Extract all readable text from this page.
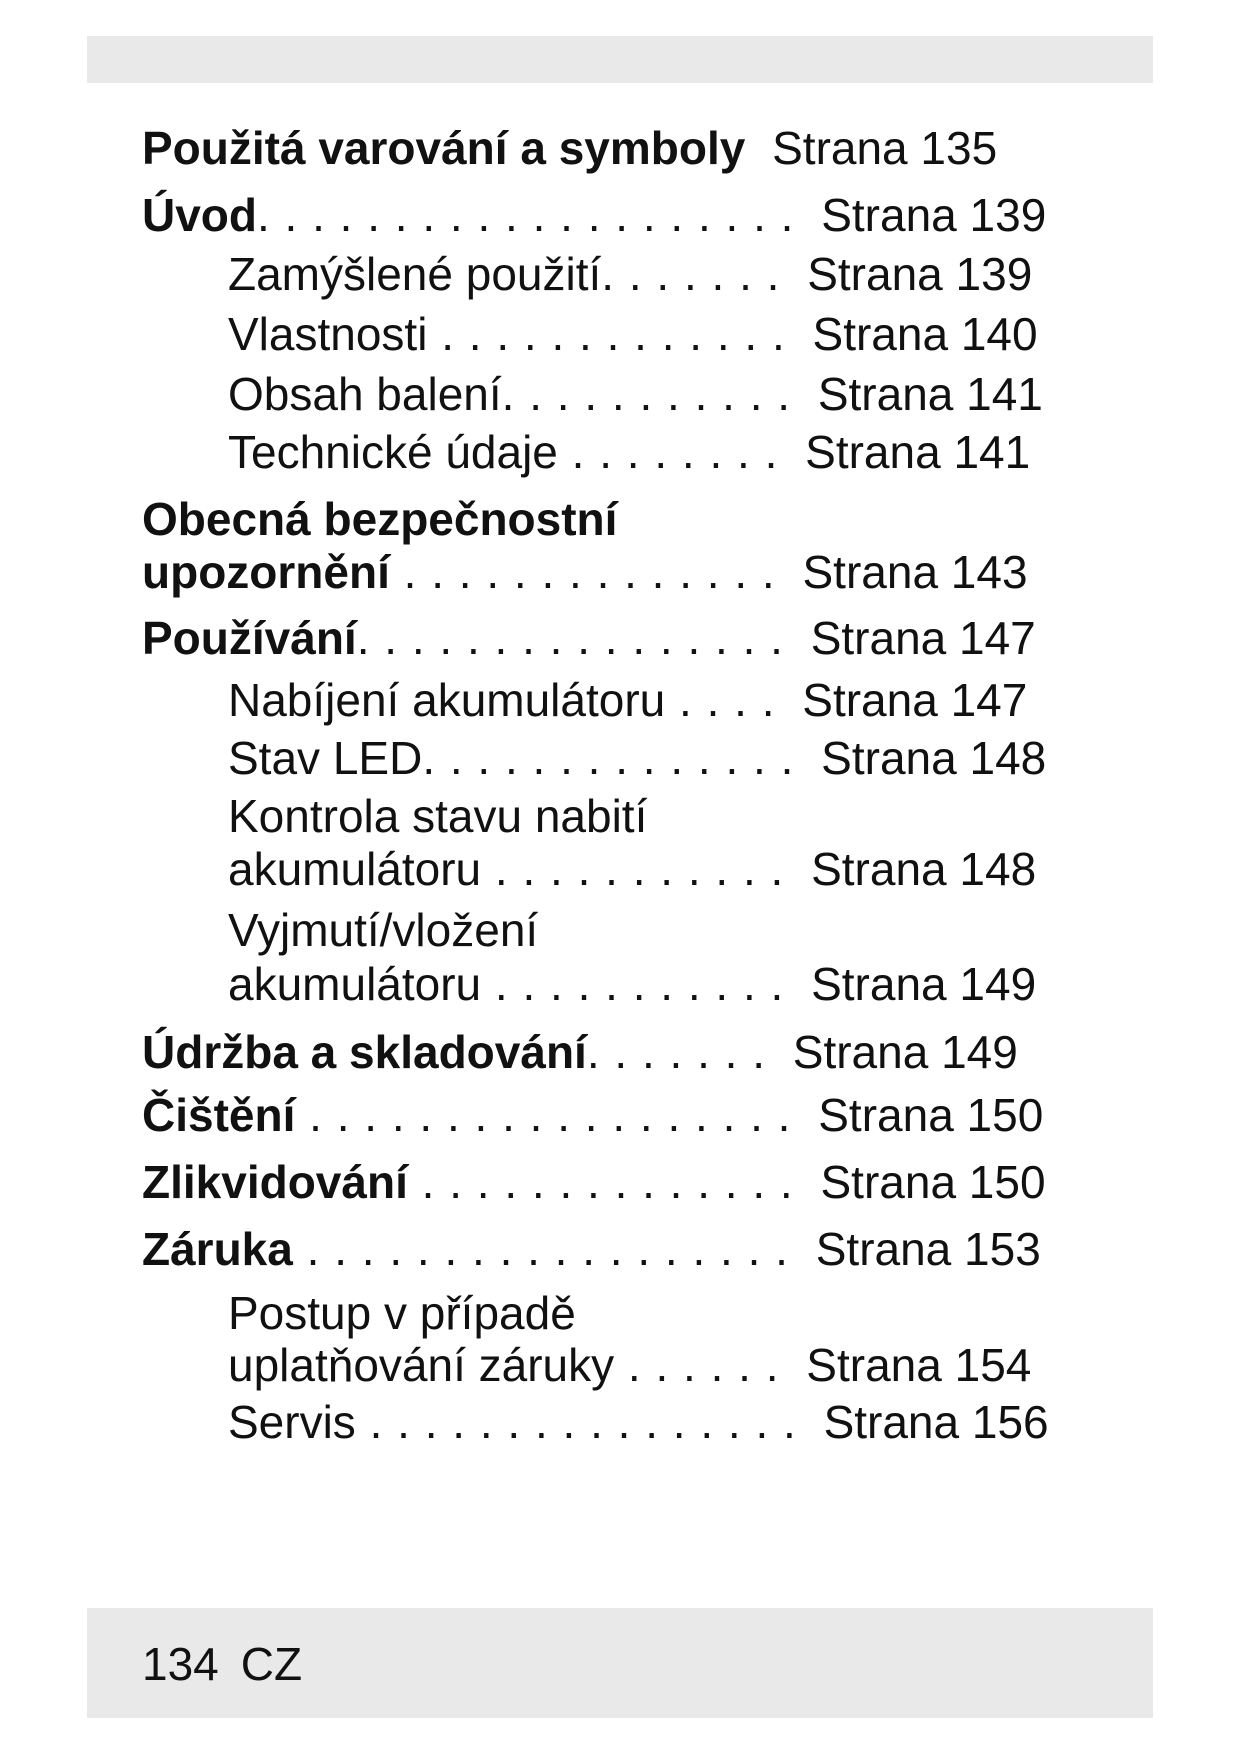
Použitá varování a symboly Strana 135
Úvod. . . . . . . . . . . . . . . . . . . . Strana 139
Zamýšlené použití. . . . . . . Strana 139
Vlastnosti . . . . . . . . . . . . . Strana 140
Obsah balení. . . . . . . . . . . Strana 141
Technické údaje . . . . . . . . Strana 141
Obecná bezpečnostní
upozornění . . . . . . . . . . . . . . Strana 143
Používání. . . . . . . . . . . . . . . . Strana 147
Nabíjení akumulátoru . . . . Strana 147
Stav LED. . . . . . . . . . . . . . Strana 148
Kontrola stavu nabití
akumulátoru . . . . . . . . . . . Strana 148
Vyjmutí/vložení
akumulátoru . . . . . . . . . . . Strana 149
Údržba a skladování. . . . . . . Strana 149
Čištění . . . . . . . . . . . . . . . . . . Strana 150
Zlikvidování . . . . . . . . . . . . . . Strana 150
Záruka . . . . . . . . . . . . . . . . . . Strana 153
Postup v případě
uplatňování záruky . . . . . . Strana 154
Servis . . . . . . . . . . . . . . . . Strana 156
134 CZ
